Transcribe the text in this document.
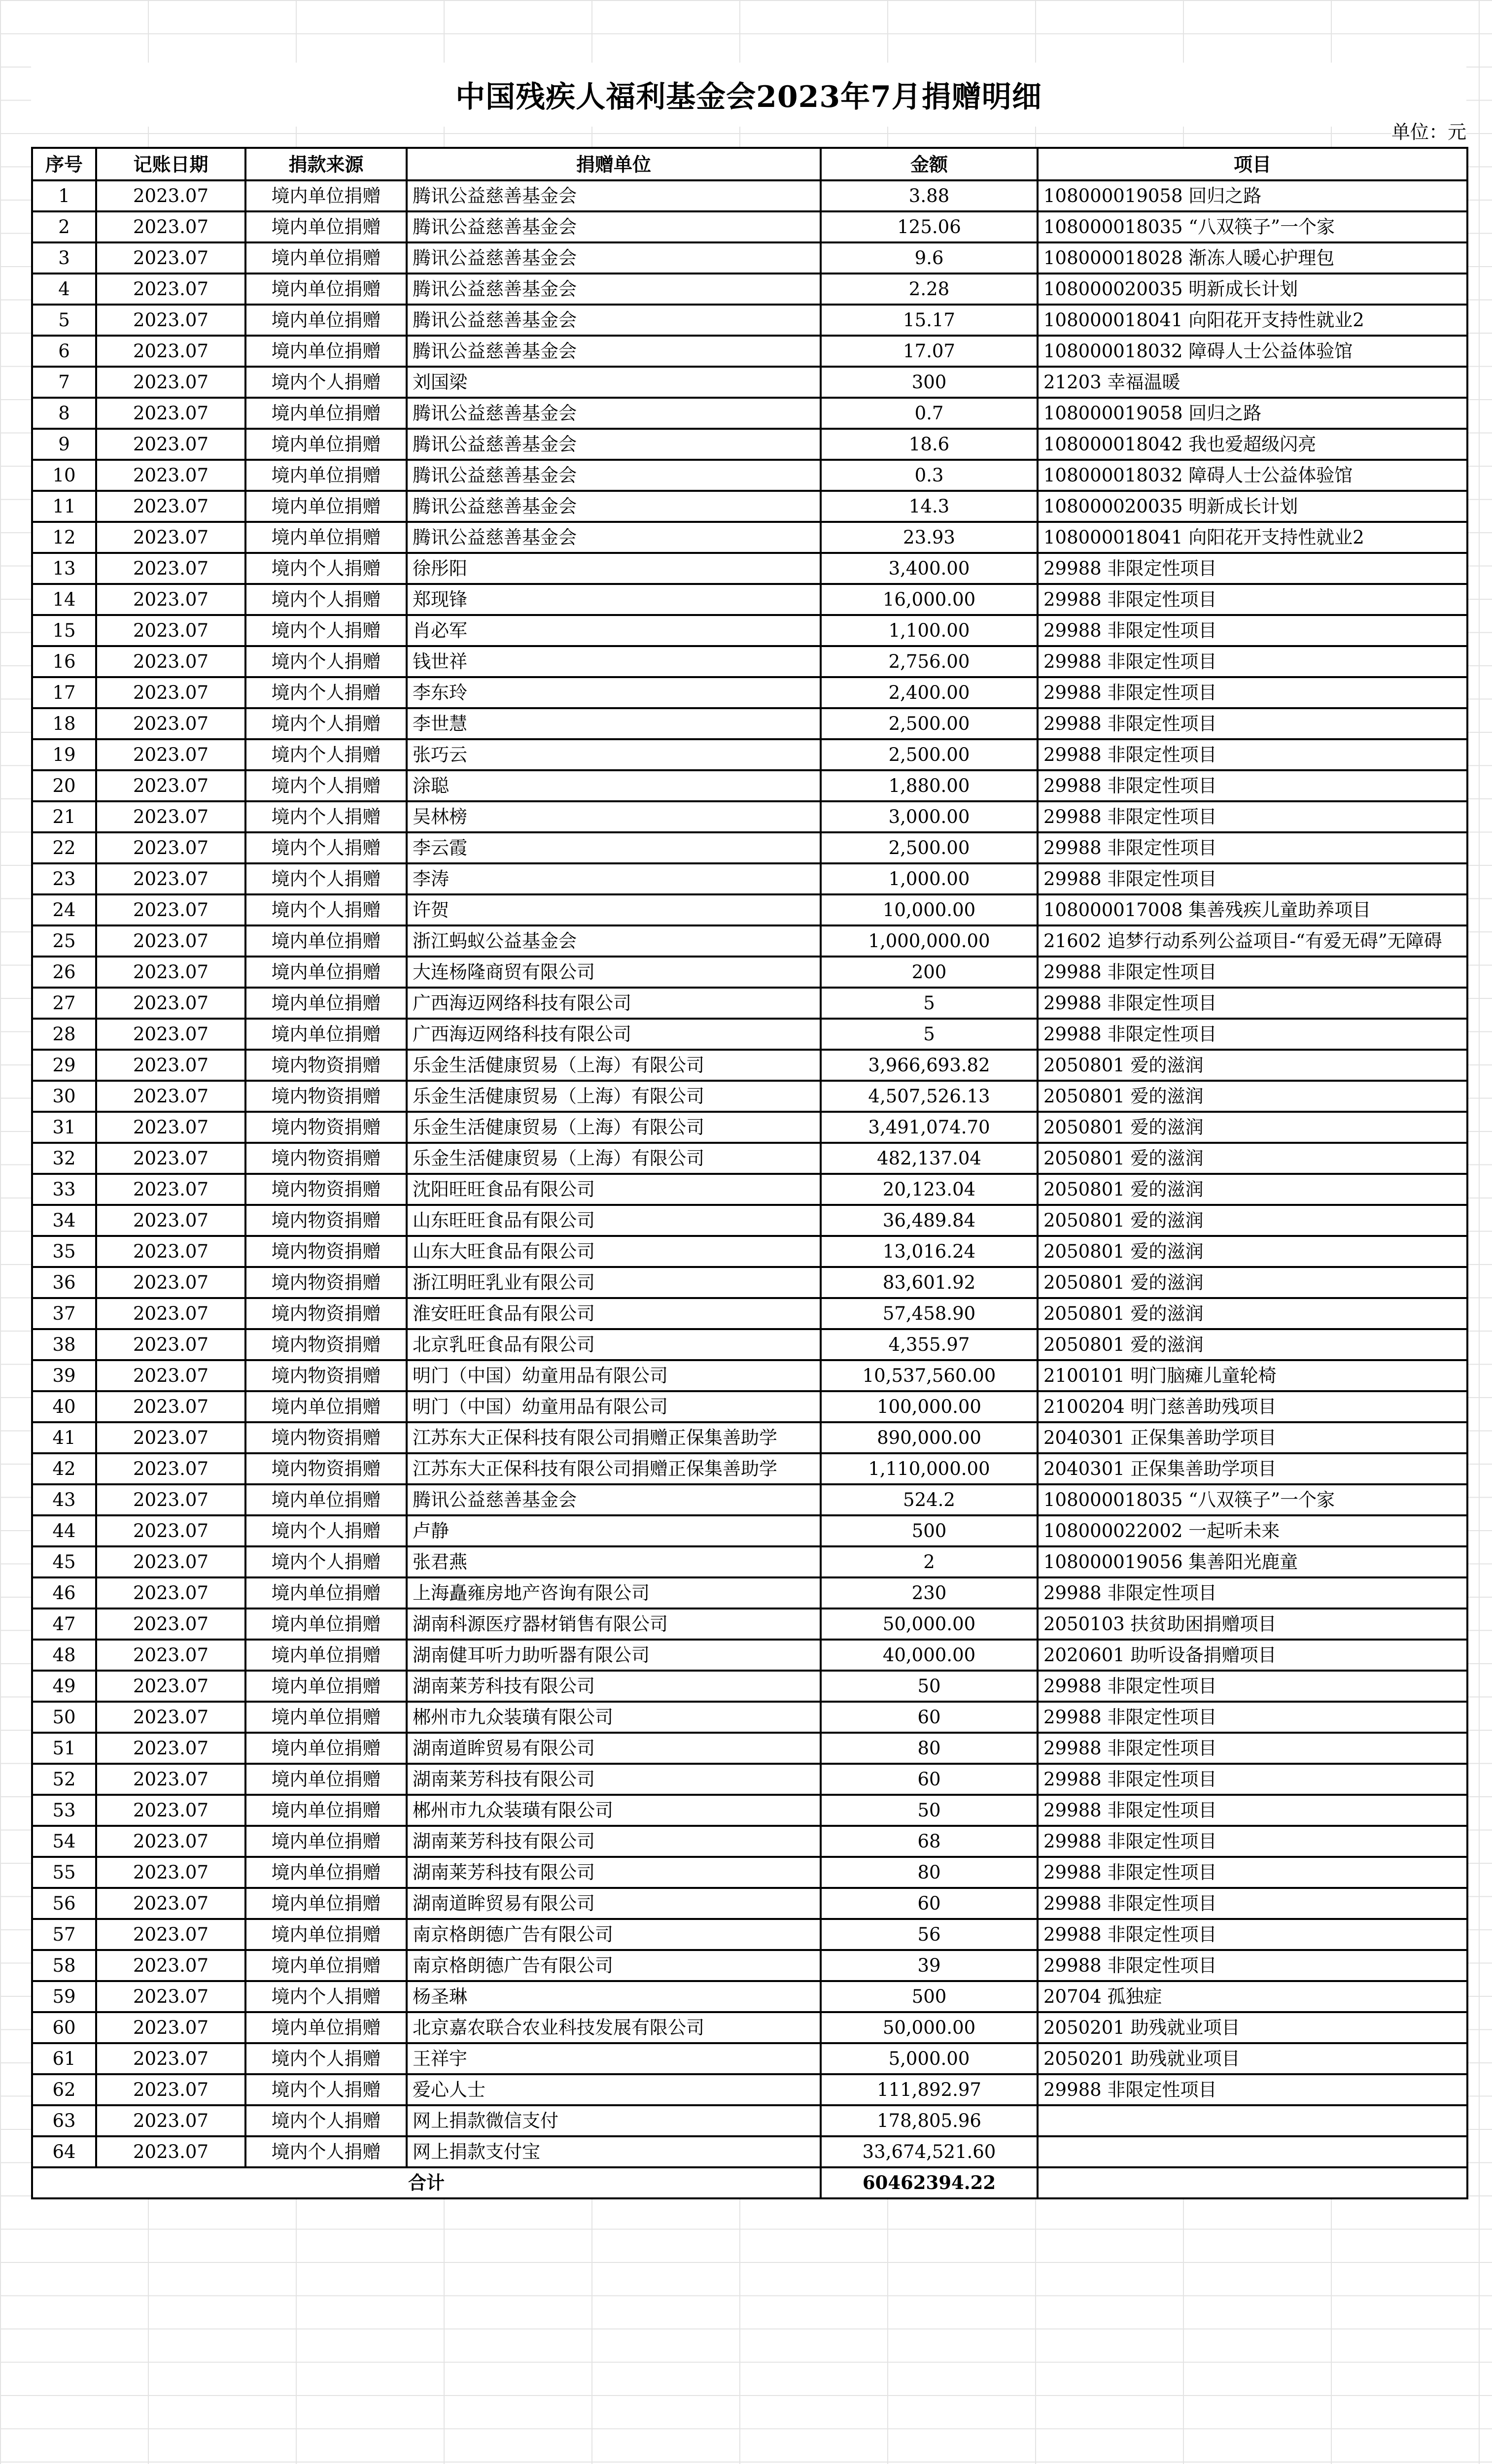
中国残疾人福利基金会2023年7月捐赠明细
单位：元
序号	记账日期	捐款来源	捐赠单位	金额	项目
1	2023.07	境内单位捐赠	腾讯公益慈善基金会	3.88	108000019058 回归之路
2	2023.07	境内单位捐赠	腾讯公益慈善基金会	125.06	108000018035 “八双筷子”一个家
3	2023.07	境内单位捐赠	腾讯公益慈善基金会	9.6	108000018028 渐冻人暖心护理包
4	2023.07	境内单位捐赠	腾讯公益慈善基金会	2.28	108000020035 明新成长计划
5	2023.07	境内单位捐赠	腾讯公益慈善基金会	15.17	108000018041 向阳花开支持性就业2
6	2023.07	境内单位捐赠	腾讯公益慈善基金会	17.07	108000018032 障碍人士公益体验馆
7	2023.07	境内个人捐赠	刘国梁	300	21203 幸福温暖
8	2023.07	境内单位捐赠	腾讯公益慈善基金会	0.7	108000019058 回归之路
9	2023.07	境内单位捐赠	腾讯公益慈善基金会	18.6	108000018042 我也爱超级闪亮
10	2023.07	境内单位捐赠	腾讯公益慈善基金会	0.3	108000018032 障碍人士公益体验馆
11	2023.07	境内单位捐赠	腾讯公益慈善基金会	14.3	108000020035 明新成长计划
12	2023.07	境内单位捐赠	腾讯公益慈善基金会	23.93	108000018041 向阳花开支持性就业2
13	2023.07	境内个人捐赠	徐彤阳	3,400.00	29988 非限定性项目
14	2023.07	境内个人捐赠	郑现锋	16,000.00	29988 非限定性项目
15	2023.07	境内个人捐赠	肖必军	1,100.00	29988 非限定性项目
16	2023.07	境内个人捐赠	钱世祥	2,756.00	29988 非限定性项目
17	2023.07	境内个人捐赠	李东玲	2,400.00	29988 非限定性项目
18	2023.07	境内个人捐赠	李世慧	2,500.00	29988 非限定性项目
19	2023.07	境内个人捐赠	张巧云	2,500.00	29988 非限定性项目
20	2023.07	境内个人捐赠	涂聪	1,880.00	29988 非限定性项目
21	2023.07	境内个人捐赠	吴林榜	3,000.00	29988 非限定性项目
22	2023.07	境内个人捐赠	李云霞	2,500.00	29988 非限定性项目
23	2023.07	境内个人捐赠	李涛	1,000.00	29988 非限定性项目
24	2023.07	境内个人捐赠	许贺	10,000.00	108000017008 集善残疾儿童助养项目
25	2023.07	境内单位捐赠	浙江蚂蚁公益基金会	1,000,000.00	21602 追梦行动系列公益项目-“有爱无碍”无障碍
26	2023.07	境内单位捐赠	大连杨隆商贸有限公司	200	29988 非限定性项目
27	2023.07	境内单位捐赠	广西海迈网络科技有限公司	5	29988 非限定性项目
28	2023.07	境内单位捐赠	广西海迈网络科技有限公司	5	29988 非限定性项目
29	2023.07	境内物资捐赠	乐金生活健康贸易（上海）有限公司	3,966,693.82	2050801 爱的滋润
30	2023.07	境内物资捐赠	乐金生活健康贸易（上海）有限公司	4,507,526.13	2050801 爱的滋润
31	2023.07	境内物资捐赠	乐金生活健康贸易（上海）有限公司	3,491,074.70	2050801 爱的滋润
32	2023.07	境内物资捐赠	乐金生活健康贸易（上海）有限公司	482,137.04	2050801 爱的滋润
33	2023.07	境内物资捐赠	沈阳旺旺食品有限公司	20,123.04	2050801 爱的滋润
34	2023.07	境内物资捐赠	山东旺旺食品有限公司	36,489.84	2050801 爱的滋润
35	2023.07	境内物资捐赠	山东大旺食品有限公司	13,016.24	2050801 爱的滋润
36	2023.07	境内物资捐赠	浙江明旺乳业有限公司	83,601.92	2050801 爱的滋润
37	2023.07	境内物资捐赠	淮安旺旺食品有限公司	57,458.90	2050801 爱的滋润
38	2023.07	境内物资捐赠	北京乳旺食品有限公司	4,355.97	2050801 爱的滋润
39	2023.07	境内物资捐赠	明门（中国）幼童用品有限公司	10,537,560.00	2100101 明门脑瘫儿童轮椅
40	2023.07	境内单位捐赠	明门（中国）幼童用品有限公司	100,000.00	2100204 明门慈善助残项目
41	2023.07	境内物资捐赠	江苏东大正保科技有限公司捐赠正保集善助学	890,000.00	2040301 正保集善助学项目
42	2023.07	境内物资捐赠	江苏东大正保科技有限公司捐赠正保集善助学	1,110,000.00	2040301 正保集善助学项目
43	2023.07	境内单位捐赠	腾讯公益慈善基金会	524.2	108000018035 “八双筷子”一个家
44	2023.07	境内个人捐赠	卢静	500	108000022002 一起听未来
45	2023.07	境内个人捐赠	张君燕	2	108000019056 集善阳光鹿童
46	2023.07	境内单位捐赠	上海矗雍房地产咨询有限公司	230	29988 非限定性项目
47	2023.07	境内单位捐赠	湖南科源医疗器材销售有限公司	50,000.00	2050103 扶贫助困捐赠项目
48	2023.07	境内单位捐赠	湖南健耳听力助听器有限公司	40,000.00	2020601 助听设备捐赠项目
49	2023.07	境内单位捐赠	湖南莱芳科技有限公司	50	29988 非限定性项目
50	2023.07	境内单位捐赠	郴州市九众装璜有限公司	60	29988 非限定性项目
51	2023.07	境内单位捐赠	湖南道眸贸易有限公司	80	29988 非限定性项目
52	2023.07	境内单位捐赠	湖南莱芳科技有限公司	60	29988 非限定性项目
53	2023.07	境内单位捐赠	郴州市九众装璜有限公司	50	29988 非限定性项目
54	2023.07	境内单位捐赠	湖南莱芳科技有限公司	68	29988 非限定性项目
55	2023.07	境内单位捐赠	湖南莱芳科技有限公司	80	29988 非限定性项目
56	2023.07	境内单位捐赠	湖南道眸贸易有限公司	60	29988 非限定性项目
57	2023.07	境内单位捐赠	南京格朗德广告有限公司	56	29988 非限定性项目
58	2023.07	境内单位捐赠	南京格朗德广告有限公司	39	29988 非限定性项目
59	2023.07	境内个人捐赠	杨圣琳	500	20704 孤独症
60	2023.07	境内单位捐赠	北京嘉农联合农业科技发展有限公司	50,000.00	2050201 助残就业项目
61	2023.07	境内个人捐赠	王祥宇	5,000.00	2050201 助残就业项目
62	2023.07	境内个人捐赠	爱心人士	111,892.97	29988 非限定性项目
63	2023.07	境内个人捐赠	网上捐款微信支付	178,805.96	
64	2023.07	境内个人捐赠	网上捐款支付宝	33,674,521.60	
合计				60462394.22	
